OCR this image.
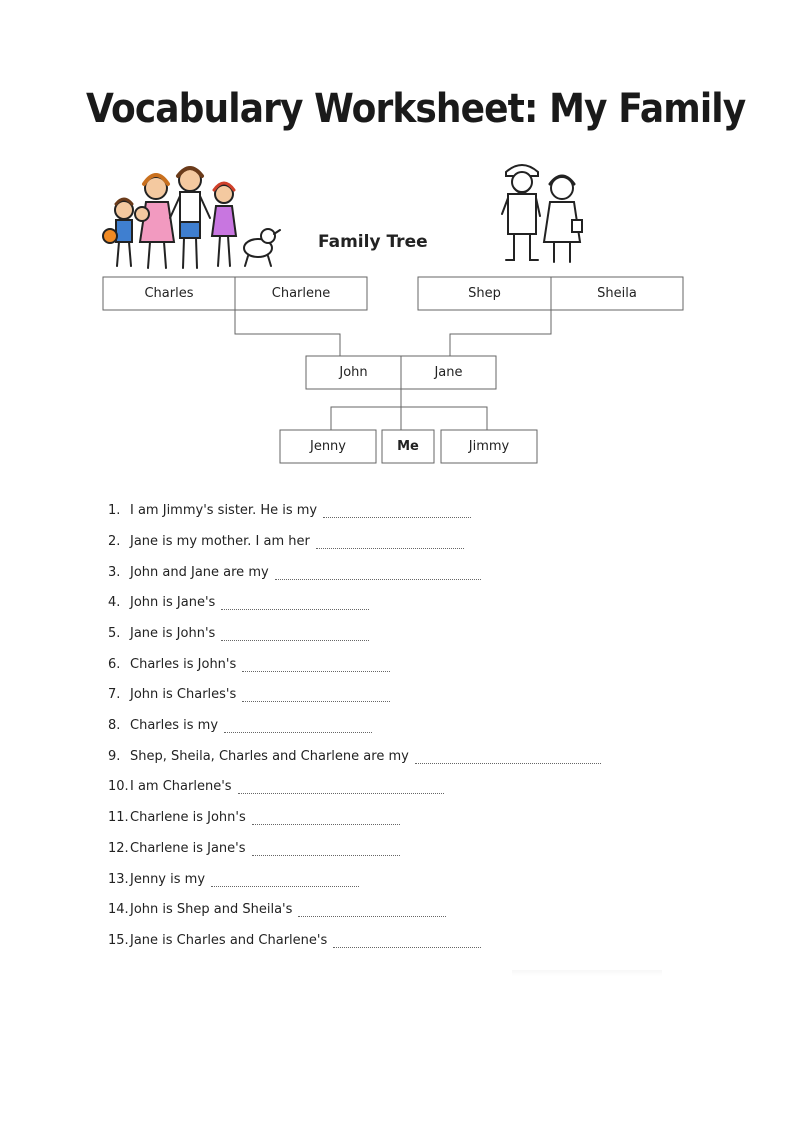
Vocabulary Worksheet: My Family
Family Tree
Charles	Charlene	Shep	Sheila
John	Jane
Jenny	Me	Jimmy
1. I am Jimmy's sister. He is my
2. Jane is my mother. I am her
3. John and Jane are my
4. John is Jane's
5. Jane is John's
6. Charles is John's
7. John is Charles's
8. Charles is my
9. Shep, Sheila, Charles and Charlene are my
10. I am Charlene's
11. Charlene is John's
12. Charlene is Jane's
13. Jenny is my
14. John is Shep and Sheila's
15. Jane is Charles and Charlene's
